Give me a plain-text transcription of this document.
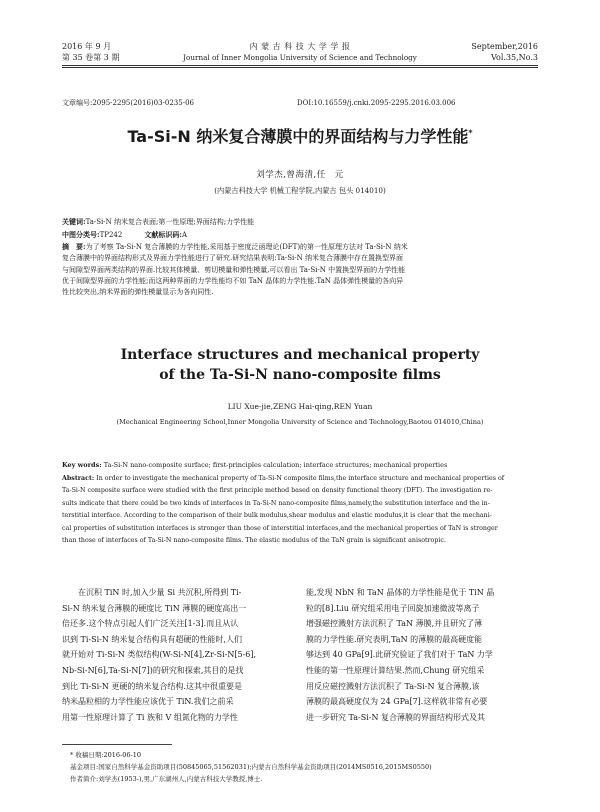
2016 年 9 月
第 35 卷第 3 期
内 蒙 古 科 技 大 学 学 报
Journal of Inner Mongolia University of Science and Technology
September,2016
Vol.35,No.3
文章编号:2095-2295(2016)03-0235-06	DOI:10.16559/j.cnki.2095-2295.2016.03.006
Ta-Si-N 纳米复合薄膜中的界面结构与力学性能*
刘学杰,曾海清,任　元
(内蒙古科技大学 机械工程学院,内蒙古 包头 014010)
关键词:Ta-Si-N 纳米复合表面;第一性原理;界面结构;力学性能
中图分类号:TP242	文献标识码:A
摘　要:为了考察 Ta-Si-N 复合薄膜的力学性能,采用基于密度泛函理论(DFT)的第一性原理方法对 Ta-Si-N 纳米
复合薄膜中的界面结构形式及界面力学性能进行了研究.研究结果表明:Ta-Si-N 纳米复合薄膜中存在置换型界面
与间隙型界面两类结构的界面.比较其体模量、剪切模量和弹性模量,可以看出 Ta-Si-N 中置换型界面的力学性能
优于间隙型界面的力学性能;而这两种界面的力学性能均不如 TaN 晶体的力学性能.TaN 晶体弹性模量的各向异
性比较突出,纳米界面的弹性模量显示为各向同性.
Interface structures and mechanical property
of the Ta-Si-N nano-composite films
LIU Xue-jie,ZENG Hai-qing,REN Yuan
(Mechanical Engineering School,Inner Mongolia University of Science and Technology,Baotou 014010,China)
Key words: Ta-Si-N nano-composite surface; first-principles calculation; interface structures; mechanical properties
Abstract: In order to investigate the mechanical property of Ta-Si-N composite films,the interface structure and mechanical properties of
Ta-Si-N composite surface were studied with the first principle method based on density functional theory (DFT). The investigation re-
sults indicate that there could be two kinds of interfaces in Ta-Si-N nano-composite films,namely,the substitution interface and the in-
terstitial interface. According to the comparison of their bulk modulus,shear modulus and elastic modulus,it is clear that the mechani-
cal properties of substitution interfaces is stronger than those of interstitial interfaces,and the mechanical properties of TaN is stronger
than those of interfaces of Ta-Si-N nano-composite films. The elastic modulus of the TaN grain is significant anisotropic.
　　在沉积 TiN 时,加入少量 Si 共沉积,所得到 Ti-
Si-N 纳米复合薄膜的硬度比 TiN 薄膜的硬度高出一
倍还多.这个特点引起人们广泛关注[1-3].而且从认
识到 Ti-Si-N 纳米复合结构具有超硬的性能时,人们
就开始对 Ti-Si-N 类似结构(W-Si-N[4],Zr-Si-N[5-6],
Nb-Si-N[6],Ta-Si-N[7])的研究和探索,其目的是找
到比 Ti-Si-N 更硬的纳米复合结构.这其中很重要是
纳米晶粒相的力学性能应该优于 TiN.我们之前采
用第一性原理计算了 Ti 族和 V 组氮化物的力学性
能,发现 NbN 和 TaN 晶体的力学性能是优于 TiN 晶
粒的[8].Liu 研究组采用电子回旋加速微波等离子
增强磁控溅射方法沉积了 TaN 薄膜,并且研究了薄
膜的力学性能.研究表明,TaN 的薄膜的最高硬度能
够达到 40 GPa[9].此研究验证了我们对于 TaN 力学
性能的第一性原理计算结果.然而,Chung 研究组采
用反应磁控溅射方法沉积了 Ta-Si-N 复合薄膜,该
薄膜的最高硬度仅为 24 GPa[7].这样就非常有必要
进一步研究 Ta-Si-N 复合薄膜的界面结构形式及其
* 收稿日期:2016-06-10
基金项目:国家自然科学基金资助项目(50845065,51562031);内蒙古自然科学基金资助项目(2014MS0516,2015MS0550)
作者简介:刘学杰(1953-),男,广东湖州人,内蒙古科技大学教授,博士.
